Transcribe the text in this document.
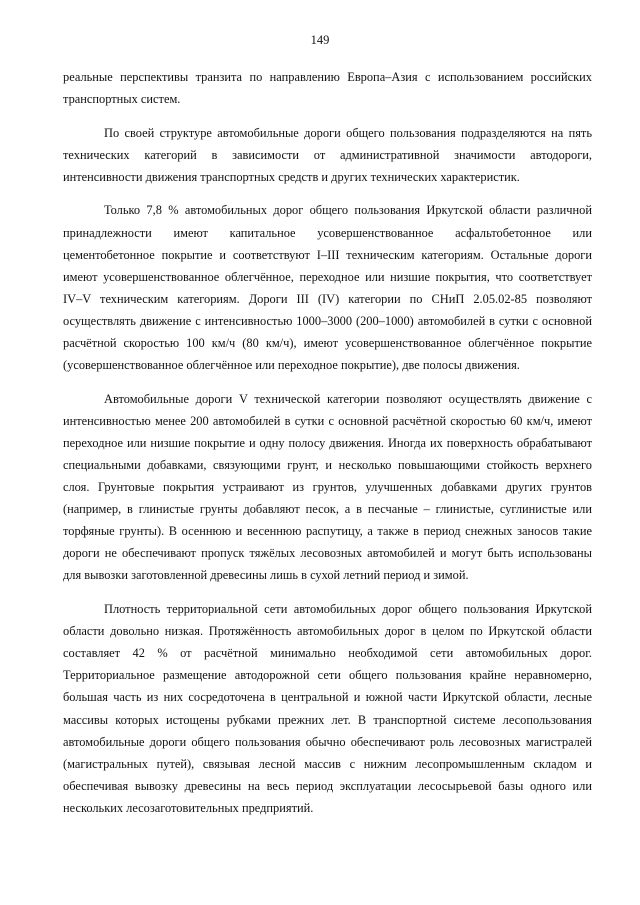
149

реальные перспективы транзита по направлению Европа–Азия с использованием российских транспортных систем.

По своей структуре автомобильные дороги общего пользования подразделяются на пять технических категорий в зависимости от административной значимости автодороги, интенсивности движения транспортных средств и других технических характеристик.

Только 7,8 % автомобильных дорог общего пользования Иркутской области различной принадлежности имеют капитальное усовершенствованное асфальтобетонное или цементобетонное покрытие и соответствуют I–III техническим категориям. Остальные дороги имеют усовершенствованное облегчённое, переходное или низшие покрытия, что соответствует IV–V техническим категориям. Дороги III (IV) категории по СНиП 2.05.02-85 позволяют осуществлять движение с интенсивностью 1000–3000 (200–1000) автомобилей в сутки с основной расчётной скоростью 100 км/ч (80 км/ч), имеют усовершенствованное облегчённое покрытие (усовершенствованное облегчённое или переходное покрытие), две полосы движения.

Автомобильные дороги V технической категории позволяют осуществлять движение с интенсивностью менее 200 автомобилей в сутки с основной расчётной скоростью 60 км/ч, имеют переходное или низшие покрытие и одну полосу движения. Иногда их поверхность обрабатывают специальными добавками, связующими грунт, и несколько повышающими стойкость верхнего слоя. Грунтовые покрытия устраивают из грунтов, улучшенных добавками других грунтов (например, в глинистые грунты добавляют песок, а в песчаные – глинистые, суглинистые или торфяные грунты). В осеннюю и весеннюю распутицу, а также в период снежных заносов такие дороги не обеспечивают пропуск тяжёлых лесовозных автомобилей и могут быть использованы для вывозки заготовленной древесины лишь в сухой летний период и зимой.

Плотность территориальной сети автомобильных дорог общего пользования Иркутской области довольно низкая. Протяжённость автомобильных дорог в целом по Иркутской области составляет 42 % от расчётной минимально необходимой сети автомобильных дорог. Территориальное размещение автодорожной сети общего пользования крайне неравномерно, большая часть из них сосредоточена в центральной и южной части Иркутской области, лесные массивы которых истощены рубками прежних лет. В транспортной системе лесопользования автомобильные дороги общего пользования обычно обеспечивают роль лесовозных магистралей (магистральных путей), связывая лесной массив с нижним лесопромышленным складом и обеспечивая вывозку древесины на весь период эксплуатации лесосырьевой базы одного или нескольких лесозаготовительных предприятий.
